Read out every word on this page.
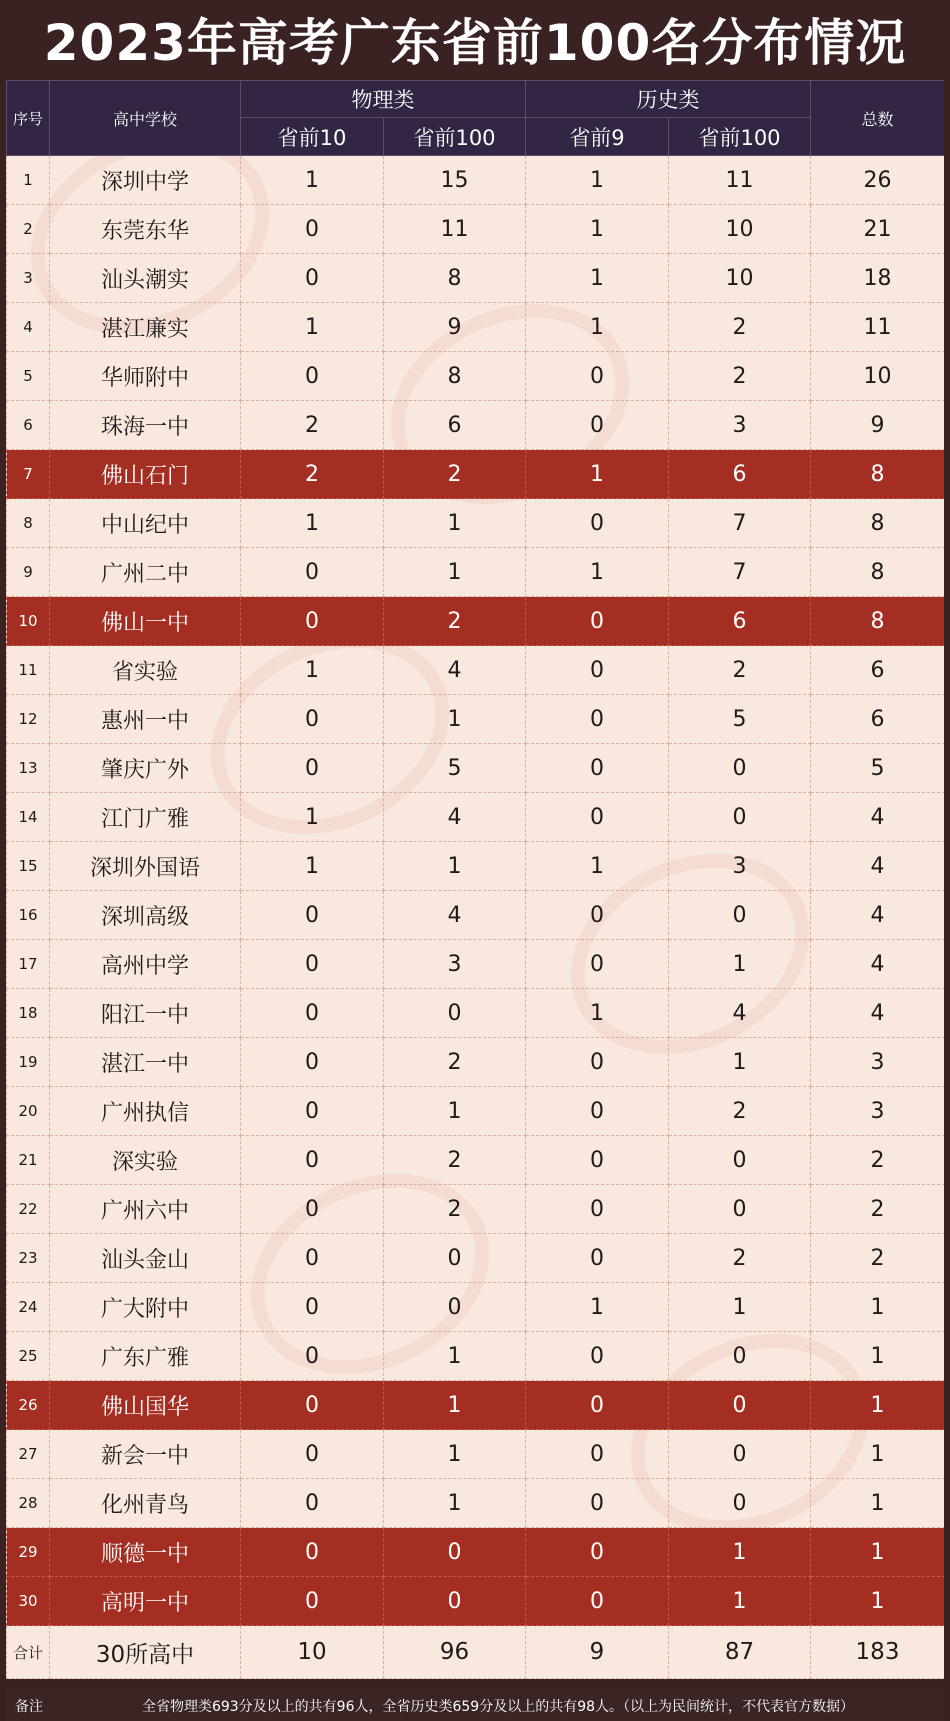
2023年高考广东省前100名分布情况
序号	高中学校	物理类		历史类		总数
		省前10	省前100	省前9	省前100	
1	深圳中学	1	15	1	11	26
2	东莞东华	0	11	1	10	21
3	汕头潮实	0	8	1	10	18
4	湛江廉实	1	9	1	2	11
5	华师附中	0	8	0	2	10
6	珠海一中	2	6	0	3	9
7	佛山石门	2	2	1	6	8
8	中山纪中	1	1	0	7	8
9	广州二中	0	1	1	7	8
10	佛山一中	0	2	0	6	8
11	省实验	1	4	0	2	6
12	惠州一中	0	1	0	5	6
13	肇庆广外	0	5	0	0	5
14	江门广雅	1	4	0	0	4
15	深圳外国语	1	1	1	3	4
16	深圳高级	0	4	0	0	4
17	高州中学	0	3	0	1	4
18	阳江一中	0	0	1	4	4
19	湛江一中	0	2	0	1	3
20	广州执信	0	1	0	2	3
21	深实验	0	2	0	0	2
22	广州六中	0	2	0	0	2
23	汕头金山	0	0	0	2	2
24	广大附中	0	0	1	1	1
25	广东广雅	0	1	0	0	1
26	佛山国华	0	1	0	0	1
27	新会一中	0	1	0	0	1
28	化州青鸟	0	1	0	0	1
29	顺德一中	0	0	0	1	1
30	高明一中	0	0	0	1	1
合计	30所高中	10	96	9	87	183
备注	全省物理类693分及以上的共有96人，全省历史类659分及以上的共有98人。（以上为民间统计，不代表官方数据）
